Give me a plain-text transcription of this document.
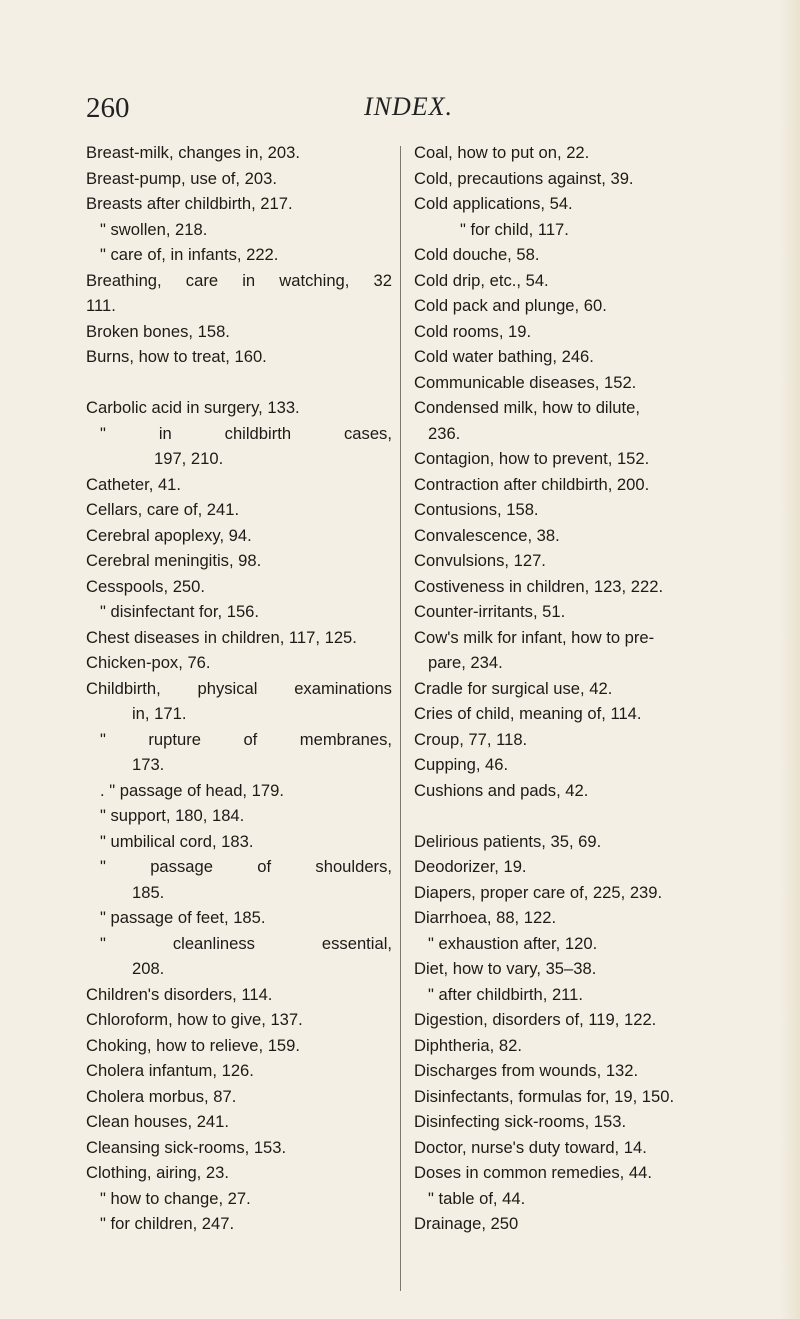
260	INDEX.
Breast-milk, changes in, 203.
Breast-pump, use of, 203.
Breasts after childbirth, 217.
" swollen, 218.
" care of, in infants, 222.
Breathing, care in watching, 32
111.
Broken bones, 158.
Burns, how to treat, 160.
Carbolic acid in surgery, 133.
"	in	childbirth	cases,
197, 210.
Catheter, 41.
Cellars, care of, 241.
Cerebral apoplexy, 94.
Cerebral meningitis, 98.
Cesspools, 250.
" disinfectant for, 156.
Chest diseases in children, 117, 125.
Chicken-pox, 76.
Childbirth, physical examinations
in, 171.
"	rupture	of	membranes,
173.
. " passage of head, 179.
" support, 180, 184.
" umbilical cord, 183.
"	passage	of	shoulders,
185.
" passage of feet, 185.
"	cleanliness	essential,
208.
Children's disorders, 114.
Chloroform, how to give, 137.
Choking, how to relieve, 159.
Cholera infantum, 126.
Cholera morbus, 87.
Clean houses, 241.
Cleansing sick-rooms, 153.
Clothing, airing, 23.
" how to change, 27.
" for children, 247.
Coal, how to put on, 22.
Cold, precautions against, 39.
Cold applications, 54.
" for child, 117.
Cold douche, 58.
Cold drip, etc., 54.
Cold pack and plunge, 60.
Cold rooms, 19.
Cold water bathing, 246.
Communicable diseases, 152.
Condensed milk, how to dilute,
236.
Contagion, how to prevent, 152.
Contraction after childbirth, 200.
Contusions, 158.
Convalescence, 38.
Convulsions, 127.
Costiveness in children, 123, 222.
Counter-irritants, 51.
Cow's milk for infant, how to pre-
pare, 234.
Cradle for surgical use, 42.
Cries of child, meaning of, 114.
Croup, 77, 118.
Cupping, 46.
Cushions and pads, 42.
Delirious patients, 35, 69.
Deodorizer, 19.
Diapers, proper care of, 225, 239.
Diarrhoea, 88, 122.
" exhaustion after, 120.
Diet, how to vary, 35–38.
" after childbirth, 211.
Digestion, disorders of, 119, 122.
Diphtheria, 82.
Discharges from wounds, 132.
Disinfectants, formulas for, 19, 150.
Disinfecting sick-rooms, 153.
Doctor, nurse's duty toward, 14.
Doses in common remedies, 44.
" table of, 44.
Drainage, 250
